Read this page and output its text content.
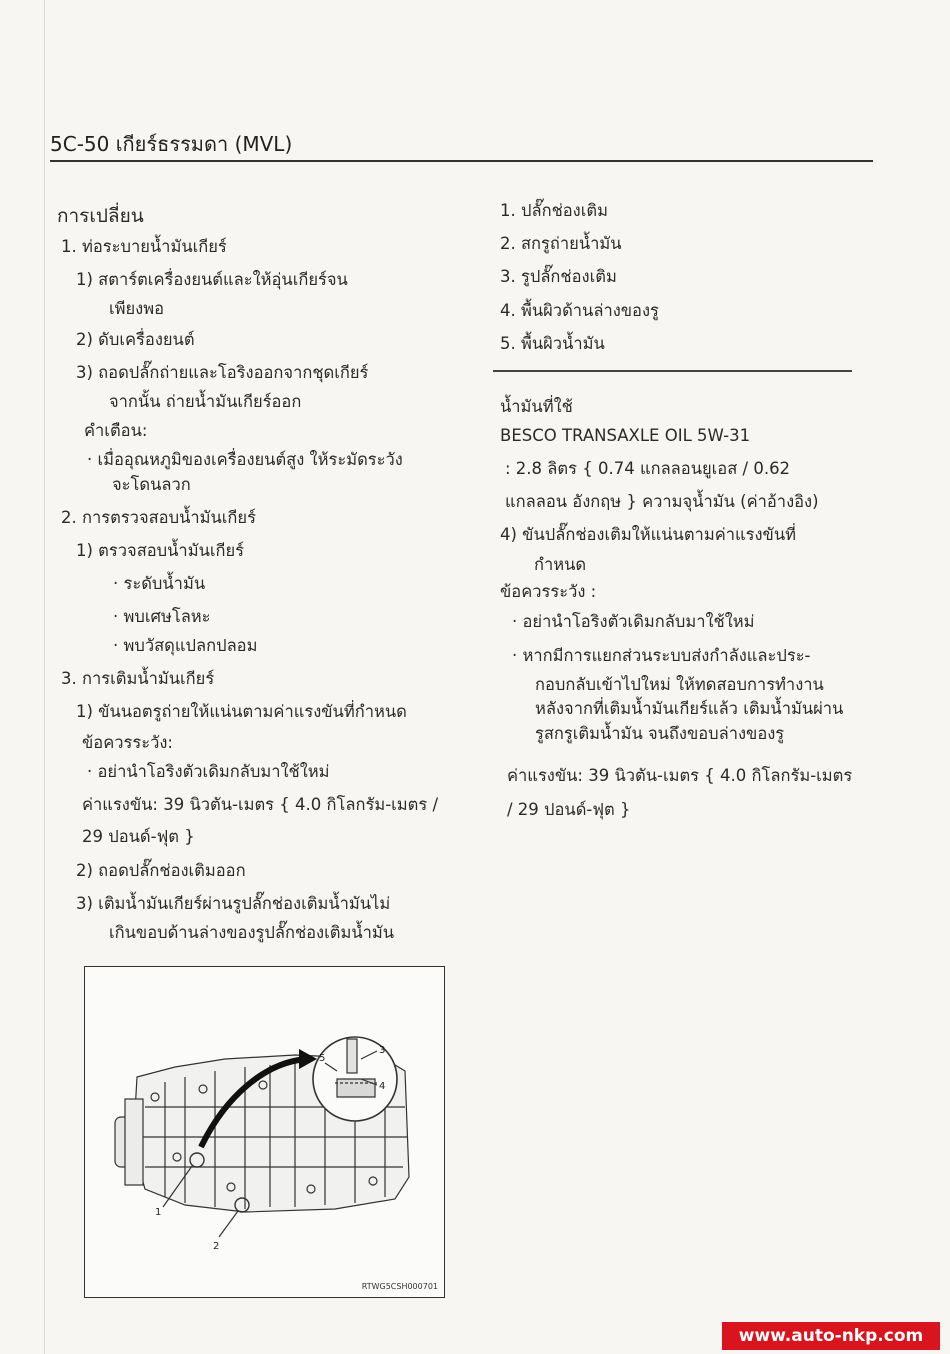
5C-50 เกียร์ธรรมดา (MVL)
การเปลี่ยน
1. ท่อระบายน้ำมันเกียร์
1) สตาร์ตเครื่องยนต์และให้อุ่นเกียร์จน
เพียงพอ
2) ดับเครื่องยนต์
3) ถอดปลั๊กถ่ายและโอริงออกจากชุดเกียร์
จากนั้น ถ่ายน้ำมันเกียร์ออก
คำเตือน:
· เมื่ออุณหภูมิของเครื่องยนต์สูง ให้ระมัดระวัง
จะโดนลวก
2. การตรวจสอบน้ำมันเกียร์
1) ตรวจสอบน้ำมันเกียร์
· ระดับน้ำมัน
· พบเศษโลหะ
· พบวัสดุแปลกปลอม
3. การเติมน้ำมันเกียร์
1) ขันนอตรูถ่ายให้แน่นตามค่าแรงขันที่กำหนด
ข้อควรระวัง:
· อย่านำโอริงตัวเดิมกลับมาใช้ใหม่
ค่าแรงขัน: 39 นิวตัน-เมตร { 4.0 กิโลกรัม-เมตร /
29 ปอนด์-ฟุต }
2) ถอดปลั๊กช่องเติมออก
3) เติมน้ำมันเกียร์ผ่านรูปลั๊กช่องเติมน้ำมันไม่
เกินขอบด้านล่างของรูปลั๊กช่องเติมน้ำมัน
1. ปลั๊กช่องเติม
2. สกรูถ่ายน้ำมัน
3. รูปลั๊กช่องเติม
4. พื้นผิวด้านล่างของรู
5. พื้นผิวน้ำมัน
น้ำมันที่ใช้
BESCO TRANSAXLE OIL 5W-31
: 2.8 ลิตร { 0.74 แกลลอนยูเอส / 0.62
แกลลอน อังกฤษ } ความจุน้ำมัน (ค่าอ้างอิง)
4) ขันปลั๊กช่องเติมให้แน่นตามค่าแรงขันที่
กำหนด
ข้อควรระวัง :
· อย่านำโอริงตัวเดิมกลับมาใช้ใหม่
· หากมีการแยกส่วนระบบส่งกำลังและประ-
กอบกลับเข้าไปใหม่ ให้ทดสอบการทำงาน
หลังจากที่เติมน้ำมันเกียร์แล้ว เติมน้ำมันผ่าน
รูสกรูเติมน้ำมัน จนถึงขอบล่างของรู
ค่าแรงขัน: 39 นิวตัน-เมตร { 4.0 กิโลกรัม-เมตร
/ 29 ปอนด์-ฟุต }
1
2
3
4
5
RTWG5CSH000701
www.auto-nkp.com
